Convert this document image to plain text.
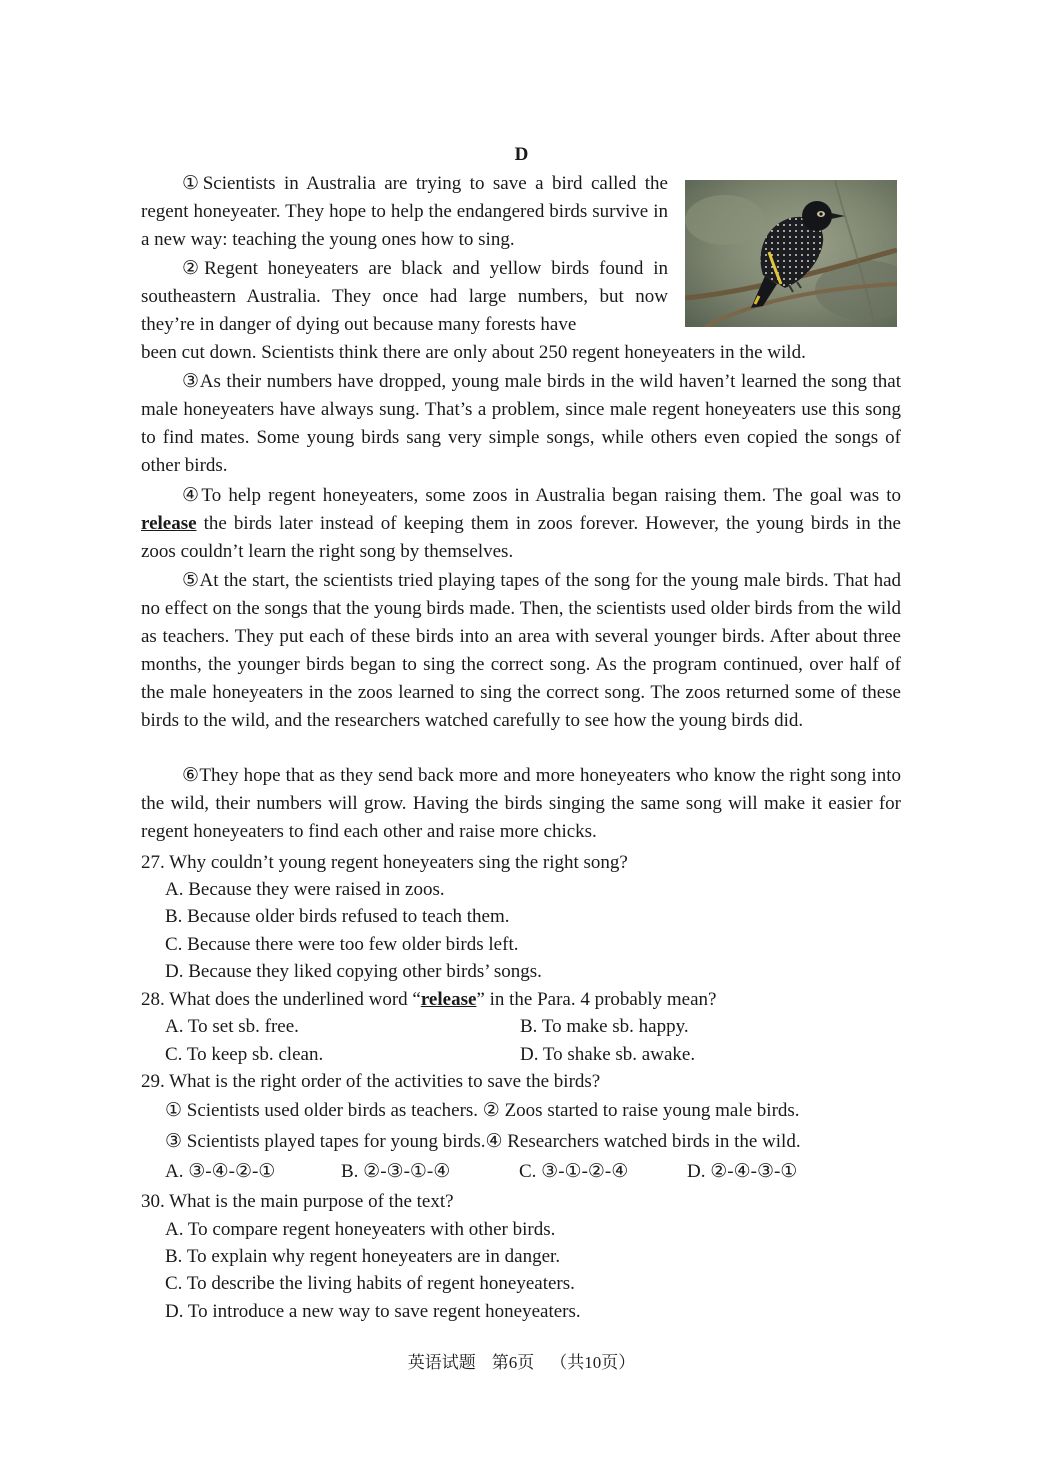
D

①Scientists in Australia are trying to save a bird called the regent honeyeater. They hope to help the endangered birds survive in a new way: teaching the young ones how to sing.

②Regent honeyeaters are black and yellow birds found in southeastern Australia. They once had large numbers, but now they’re in danger of dying out because many forests have

been cut down. Scientists think there are only about 250 regent honeyeaters in the wild.

③As their numbers have dropped, young male birds in the wild haven’t learned the song that male honeyeaters have always sung. That’s a problem, since male regent honeyeaters use this song to find mates. Some young birds sang very simple songs, while others even copied the songs of other birds.

④To help regent honeyeaters, some zoos in Australia began raising them. The goal was to release the birds later instead of keeping them in zoos forever. However, the young birds in the zoos couldn’t learn the right song by themselves.

⑤At the start, the scientists tried playing tapes of the song for the young male birds. That had no effect on the songs that the young birds made. Then, the scientists used older birds from the wild as teachers. They put each of these birds into an area with several younger birds. After about three months, the younger birds began to sing the correct song. As the program continued, over half of the male honeyeaters in the zoos learned to sing the correct song. The zoos returned some of these birds to the wild, and the researchers watched carefully to see how the young birds did.

⑥They hope that as they send back more and more honeyeaters who know the right song into the wild, their numbers will grow. Having the birds singing the same song will make it easier for regent honeyeaters to find each other and raise more chicks.

27. Why couldn’t young regent honeyeaters sing the right song?

A. Because they were raised in zoos.

B. Because older birds refused to teach them.

C. Because there were too few older birds left.

D. Because they liked copying other birds’ songs.

28. What does the underlined word “release” in the Para. 4 probably mean?

A. To set sb. free.	B. To make sb. happy.

C. To keep sb. clean.	D. To shake sb. awake.

29. What is the right order of the activities to save the birds?

① Scientists used older birds as teachers. ② Zoos started to raise young male birds.

③ Scientists played tapes for young birds.④ Researchers watched birds in the wild.

A. ③-④-②-①	B. ②-③-①-④	C. ③-①-②-④	D. ②-④-③-①

30. What is the main purpose of the text?

A. To compare regent honeyeaters with other birds.

B. To explain why regent honeyeaters are in danger.

C. To describe the living habits of regent honeyeaters.

D. To introduce a new way to save regent honeyeaters.

英语试题 第6页 （共10页）
